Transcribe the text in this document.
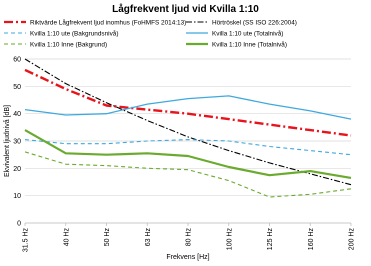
Lågfrekvent ljud vid Kvilla 1:10
0
10
20
30
40
50
60
31.5 Hz	40 Hz	50 Hz	63 Hz	80 Hz	100 Hz	125 Hz	160 Hz	200 Hz
Frekvens [Hz]
Ekvivalent ljudnivå [dB]
Riktvärde Lågfrekvent ljud inomhus (FoHMFS 2014:13)	Hörtröskel (SS ISO 226:2004)
Kvilla 1:10 ute (Bakgrundsnivå)	Kvilla 1:10 ute (Totalnivå)
Kvilla 1:10 Inne (Bakgrund)	Kvilla 1:10 Inne (Totalnivå)
